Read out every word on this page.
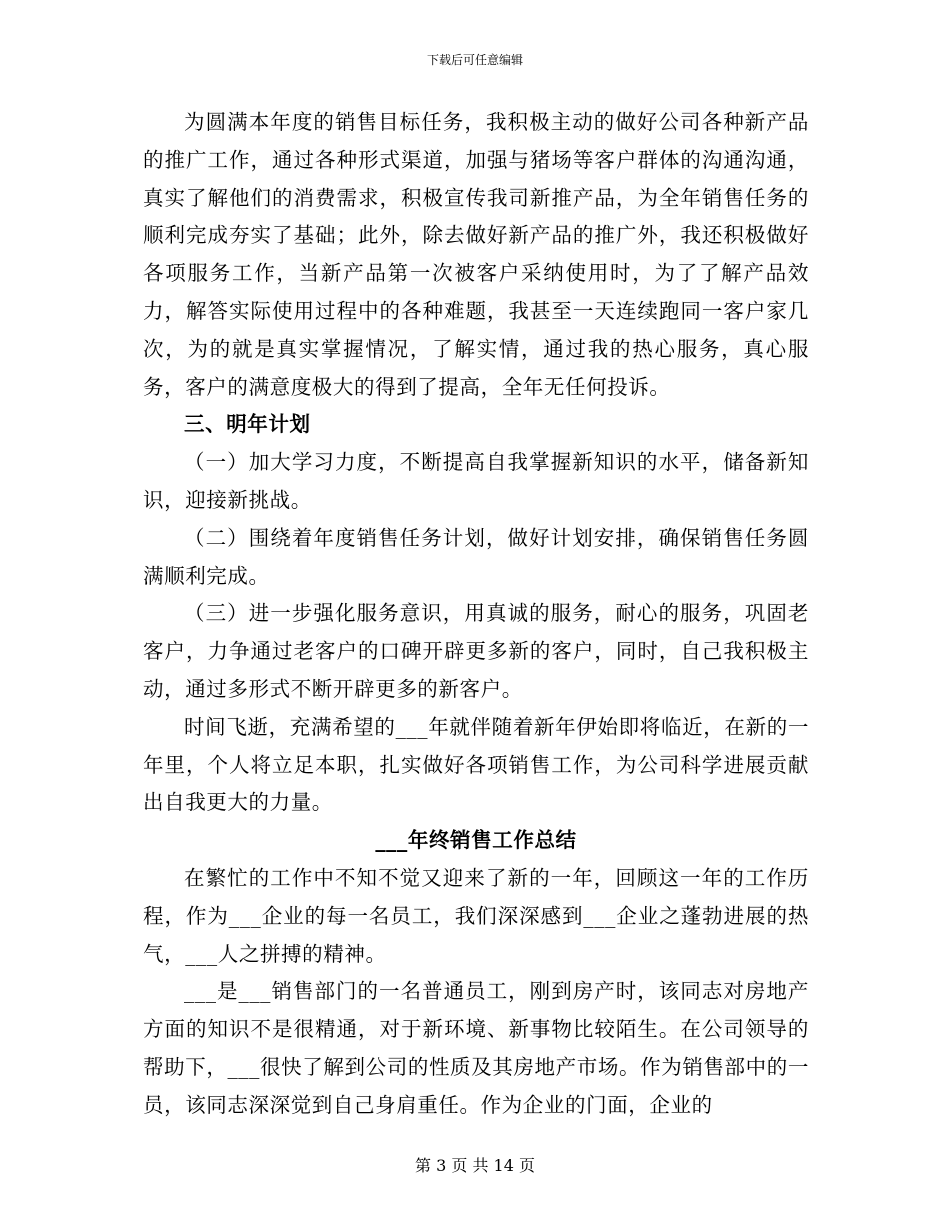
下载后可任意编辑

为圆满本年度的销售目标任务，我积极主动的做好公司各种新产品的推广工作，通过各种形式渠道，加强与猪场等客户群体的沟通沟通，真实了解他们的消费需求，积极宣传我司新推产品，为全年销售任务的顺利完成夯实了基础；此外，除去做好新产品的推广外，我还积极做好各项服务工作，当新产品第一次被客户采纳使用时，为了了解产品效力，解答实际使用过程中的各种难题，我甚至一天连续跑同一客户家几次，为的就是真实掌握情况，了解实情，通过我的热心服务，真心服务，客户的满意度极大的得到了提高，全年无任何投诉。

三、明年计划

（一）加大学习力度，不断提高自我掌握新知识的水平，储备新知识，迎接新挑战。

（二）围绕着年度销售任务计划，做好计划安排，确保销售任务圆满顺利完成。

（三）进一步强化服务意识，用真诚的服务，耐心的服务，巩固老客户，力争通过老客户的口碑开辟更多新的客户，同时，自己我积极主动，通过多形式不断开辟更多的新客户。

时间飞逝，充满希望的___年就伴随着新年伊始即将临近，在新的一年里，个人将立足本职，扎实做好各项销售工作，为公司科学进展贡献出自我更大的力量。

___年终销售工作总结

在繁忙的工作中不知不觉又迎来了新的一年，回顾这一年的工作历程，作为___企业的每一名员工，我们深深感到___企业之蓬勃进展的热气，___人之拼搏的精神。

___是___销售部门的一名普通员工，刚到房产时，该同志对房地产方面的知识不是很精通，对于新环境、新事物比较陌生。在公司领导的帮助下，___很快了解到公司的性质及其房地产市场。作为销售部中的一员，该同志深深觉到自己身肩重任。作为企业的门面，企业的

第 3 页 共 14 页
